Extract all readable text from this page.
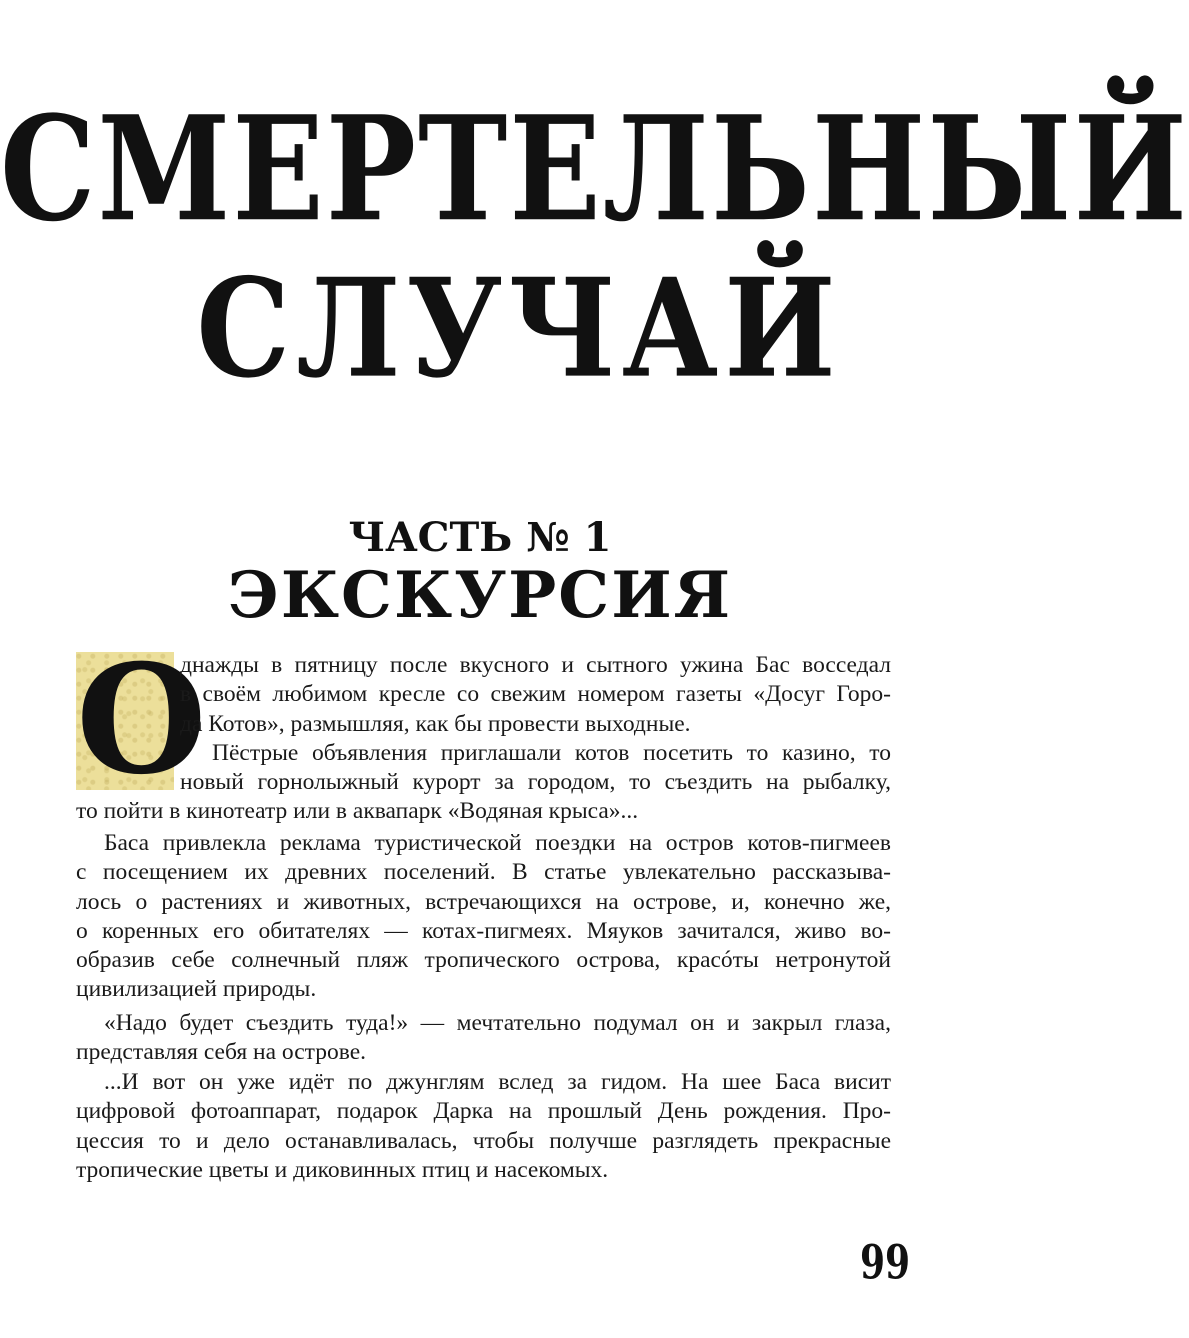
СМЕРТЕЛЬНЫЙ
СЛУЧАЙ
ЧАСТЬ № 1
ЭКСКУРСИЯ
О
днажды в пятницу после вкусного и сытного ужина Бас восседал
в своём любимом кресле со свежим номером газеты «Досуг Горо-
да Котов», размышляя, как бы провести выходные.
Пёстрые объявления приглашали котов посетить то казино, то
новый горнолыжный курорт за городом, то съездить на рыбалку,
то пойти в кинотеатр или в аквапарк «Водяная крыса»...
Баса привлекла реклама туристической поездки на остров котов-пигмеев
с посещением их древних поселений. В статье увлекательно рассказыва-
лось о растениях и животных, встречающихся на острове, и, конечно же,
о коренных его обитателях — котах-пигмеях. Мяуков зачитался, живо во-
образив себе солнечный пляж тропического острова, красóты нетронутой
цивилизацией природы.
«Надо будет съездить туда!» — мечтательно подумал он и закрыл глаза,
представляя себя на острове.
...И вот он уже идёт по джунглям вслед за гидом. На шее Баса висит
цифровой фотоаппарат, подарок Дарка на прошлый День рождения. Про-
цессия то и дело останавливалась, чтобы получше разглядеть прекрасные
тропические цветы и диковинных птиц и насекомых.
99
